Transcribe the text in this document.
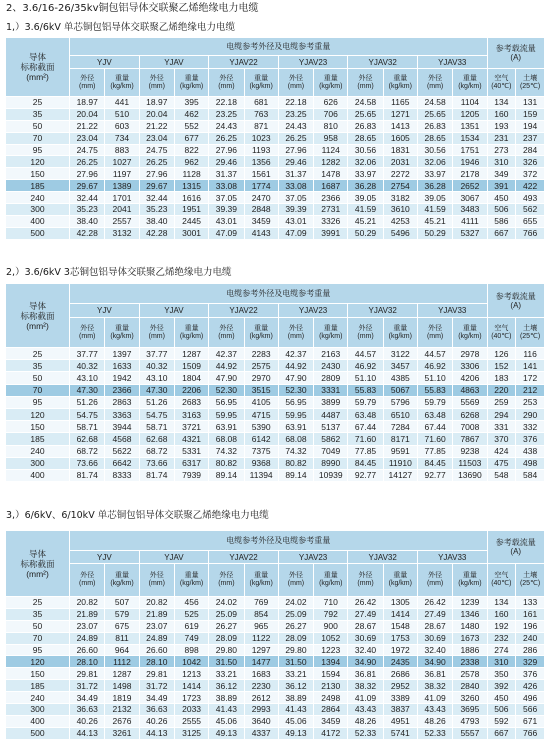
2、3.6/16-26/35kv铜包铝导体交联聚乙烯绝缘电力电缆
1,）3.6/6kV 单芯铜包铝导体交联聚乙烯绝缘电力电缆
导体
标称截面
(mm²)	电缆参考外径及电缆参考重量												参考载流量
(A)	
	YJV		YJAV		YJAV22		YJAV23		YJAV32		YJAV33			
	外径
(mm)	重量
(kg/km)	外径
(mm)	重量
(kg/km)	外径
(mm)	重量
(kg/km)	外径
(mm)	重量
(kg/km)	外径
(mm)	重量
(kg/km)	外径
(mm)	重量
(kg/km)	空气
(40℃)	土壤
(25℃)
25	18.97	441	18.97	395	22.18	681	22.18	626	24.58	1165	24.58	1104	134	131
35	20.04	510	20.04	462	23.25	763	23.25	706	25.65	1271	25.65	1205	160	159
50	21.22	603	21.22	552	24.43	871	24.43	810	26.83	1413	26.83	1351	193	194
70	23.04	734	23.04	677	26.25	1023	26.25	958	28.65	1605	28.65	1534	231	237
95	24.75	883	24.75	822	27.96	1193	27.96	1124	30.56	1831	30.56	1751	273	284
120	26.25	1027	26.25	962	29.46	1356	29.46	1282	32.06	2031	32.06	1946	310	326
150	27.96	1197	27.96	1128	31.37	1561	31.37	1478	33.97	2272	33.97	2178	349	372
185	29.67	1389	29.67	1315	33.08	1774	33.08	1687	36.28	2754	36.28	2652	391	422
240	32.44	1701	32.44	1616	37.05	2470	37.05	2366	39.05	3182	39.05	3067	450	493
300	35.23	2041	35.23	1951	39.39	2848	39.39	2731	41.59	3610	41.59	3483	506	562
400	38.40	2557	38.40	2445	43.01	3459	43.01	3326	45.21	4253	45.21	4111	586	655
500	42.28	3132	42.28	3001	47.09	4143	47.09	3991	50.29	5496	50.29	5327	667	766
2,）3.6/6kV 3芯铜包铝导体交联聚乙烯绝缘电力电缆
导体
标称截面
(mm²)	电缆参考外径及电缆参考重量												参考载流量
(A)	
	YJV		YJAV		YJAV22		YJAV23		YJAV32		YJAV33			
	外径
(mm)	重量
(kg/km)	外径
(mm)	重量
(kg/km)	外径
(mm)	重量
(kg/km)	外径
(mm)	重量
(kg/km)	外径
(mm)	重量
(kg/km)	外径
(mm)	重量
(kg/km)	空气
(40℃)	土壤
(25℃)
25	37.77	1397	37.77	1287	42.37	2283	42.37	2163	44.57	3122	44.57	2978	126	116
35	40.32	1633	40.32	1509	44.92	2575	44.92	2430	46.92	3457	46.92	3306	152	141
50	43.10	1942	43.10	1804	47.90	2970	47.90	2809	51.10	4385	51.10	4206	183	172
70	47.30	2366	47.30	2206	52.30	3515	52.30	3331	55.83	5067	55.83	4863	220	212
95	51.26	2863	51.26	2683	56.95	4105	56.95	3899	59.79	5796	59.79	5569	259	253
120	54.75	3363	54.75	3163	59.95	4715	59.95	4487	63.48	6510	63.48	6268	294	290
150	58.71	3944	58.71	3721	63.91	5390	63.91	5137	67.44	7284	67.44	7008	331	332
185	62.68	4568	62.68	4321	68.08	6142	68.08	5862	71.60	8171	71.60	7867	370	376
240	68.72	5622	68.72	5331	74.32	7375	74.32	7049	77.85	9591	77.85	9238	424	438
300	73.66	6642	73.66	6317	80.82	9368	80.82	8990	84.45	11910	84.45	11503	475	498
400	81.74	8333	81.74	7939	89.14	11394	89.14	10939	92.77	14127	92.77	13690	548	584
3,）6/6kV、6/10kV 单芯铜包铝导体交联聚乙烯绝缘电力电缆
导体
标称截面
(mm²)	电缆参考外径及电缆参考重量												参考载流量
(A)	
	YJV		YJAV		YJAV22		YJAV23		YJAV32		YJAV33			
	外径
(mm)	重量
(kg/km)	外径
(mm)	重量
(kg/km)	外径
(mm)	重量
(kg/km)	外径
(mm)	重量
(kg/km)	外径
(mm)	重量
(kg/km)	外径
(mm)	重量
(kg/km)	空气
(40℃)	土壤
(25℃)
25	20.82	507	20.82	456	24.02	769	24.02	710	26.42	1305	26.42	1239	134	133
35	21.89	579	21.89	525	25.09	854	25.09	792	27.49	1414	27.49	1346	160	161
50	23.07	675	23.07	619	26.27	965	26.27	900	28.67	1548	28.67	1480	192	196
70	24.89	811	24.89	749	28.09	1122	28.09	1052	30.69	1753	30.69	1673	232	240
95	26.60	964	26.60	898	29.80	1297	29.80	1223	32.40	1972	32.40	1886	274	286
120	28.10	1112	28.10	1042	31.50	1477	31.50	1394	34.90	2435	34.90	2338	310	329
150	29.81	1287	29.81	1213	33.21	1683	33.21	1594	36.81	2686	36.81	2578	350	376
185	31.72	1498	31.72	1414	36.12	2230	36.12	2130	38.32	2952	38.32	2840	392	426
240	34.49	1819	34.49	1723	38.89	2612	38.89	2498	41.09	3389	41.09	3260	450	496
300	36.63	2132	36.63	2033	41.43	2993	41.43	2864	43.43	3837	43.43	3695	506	566
400	40.26	2676	40.26	2555	45.06	3640	45.06	3459	48.26	4951	48.26	4793	592	671
500	44.13	3261	44.13	3125	49.13	4337	49.13	4172	52.33	5741	52.33	5557	667	766
